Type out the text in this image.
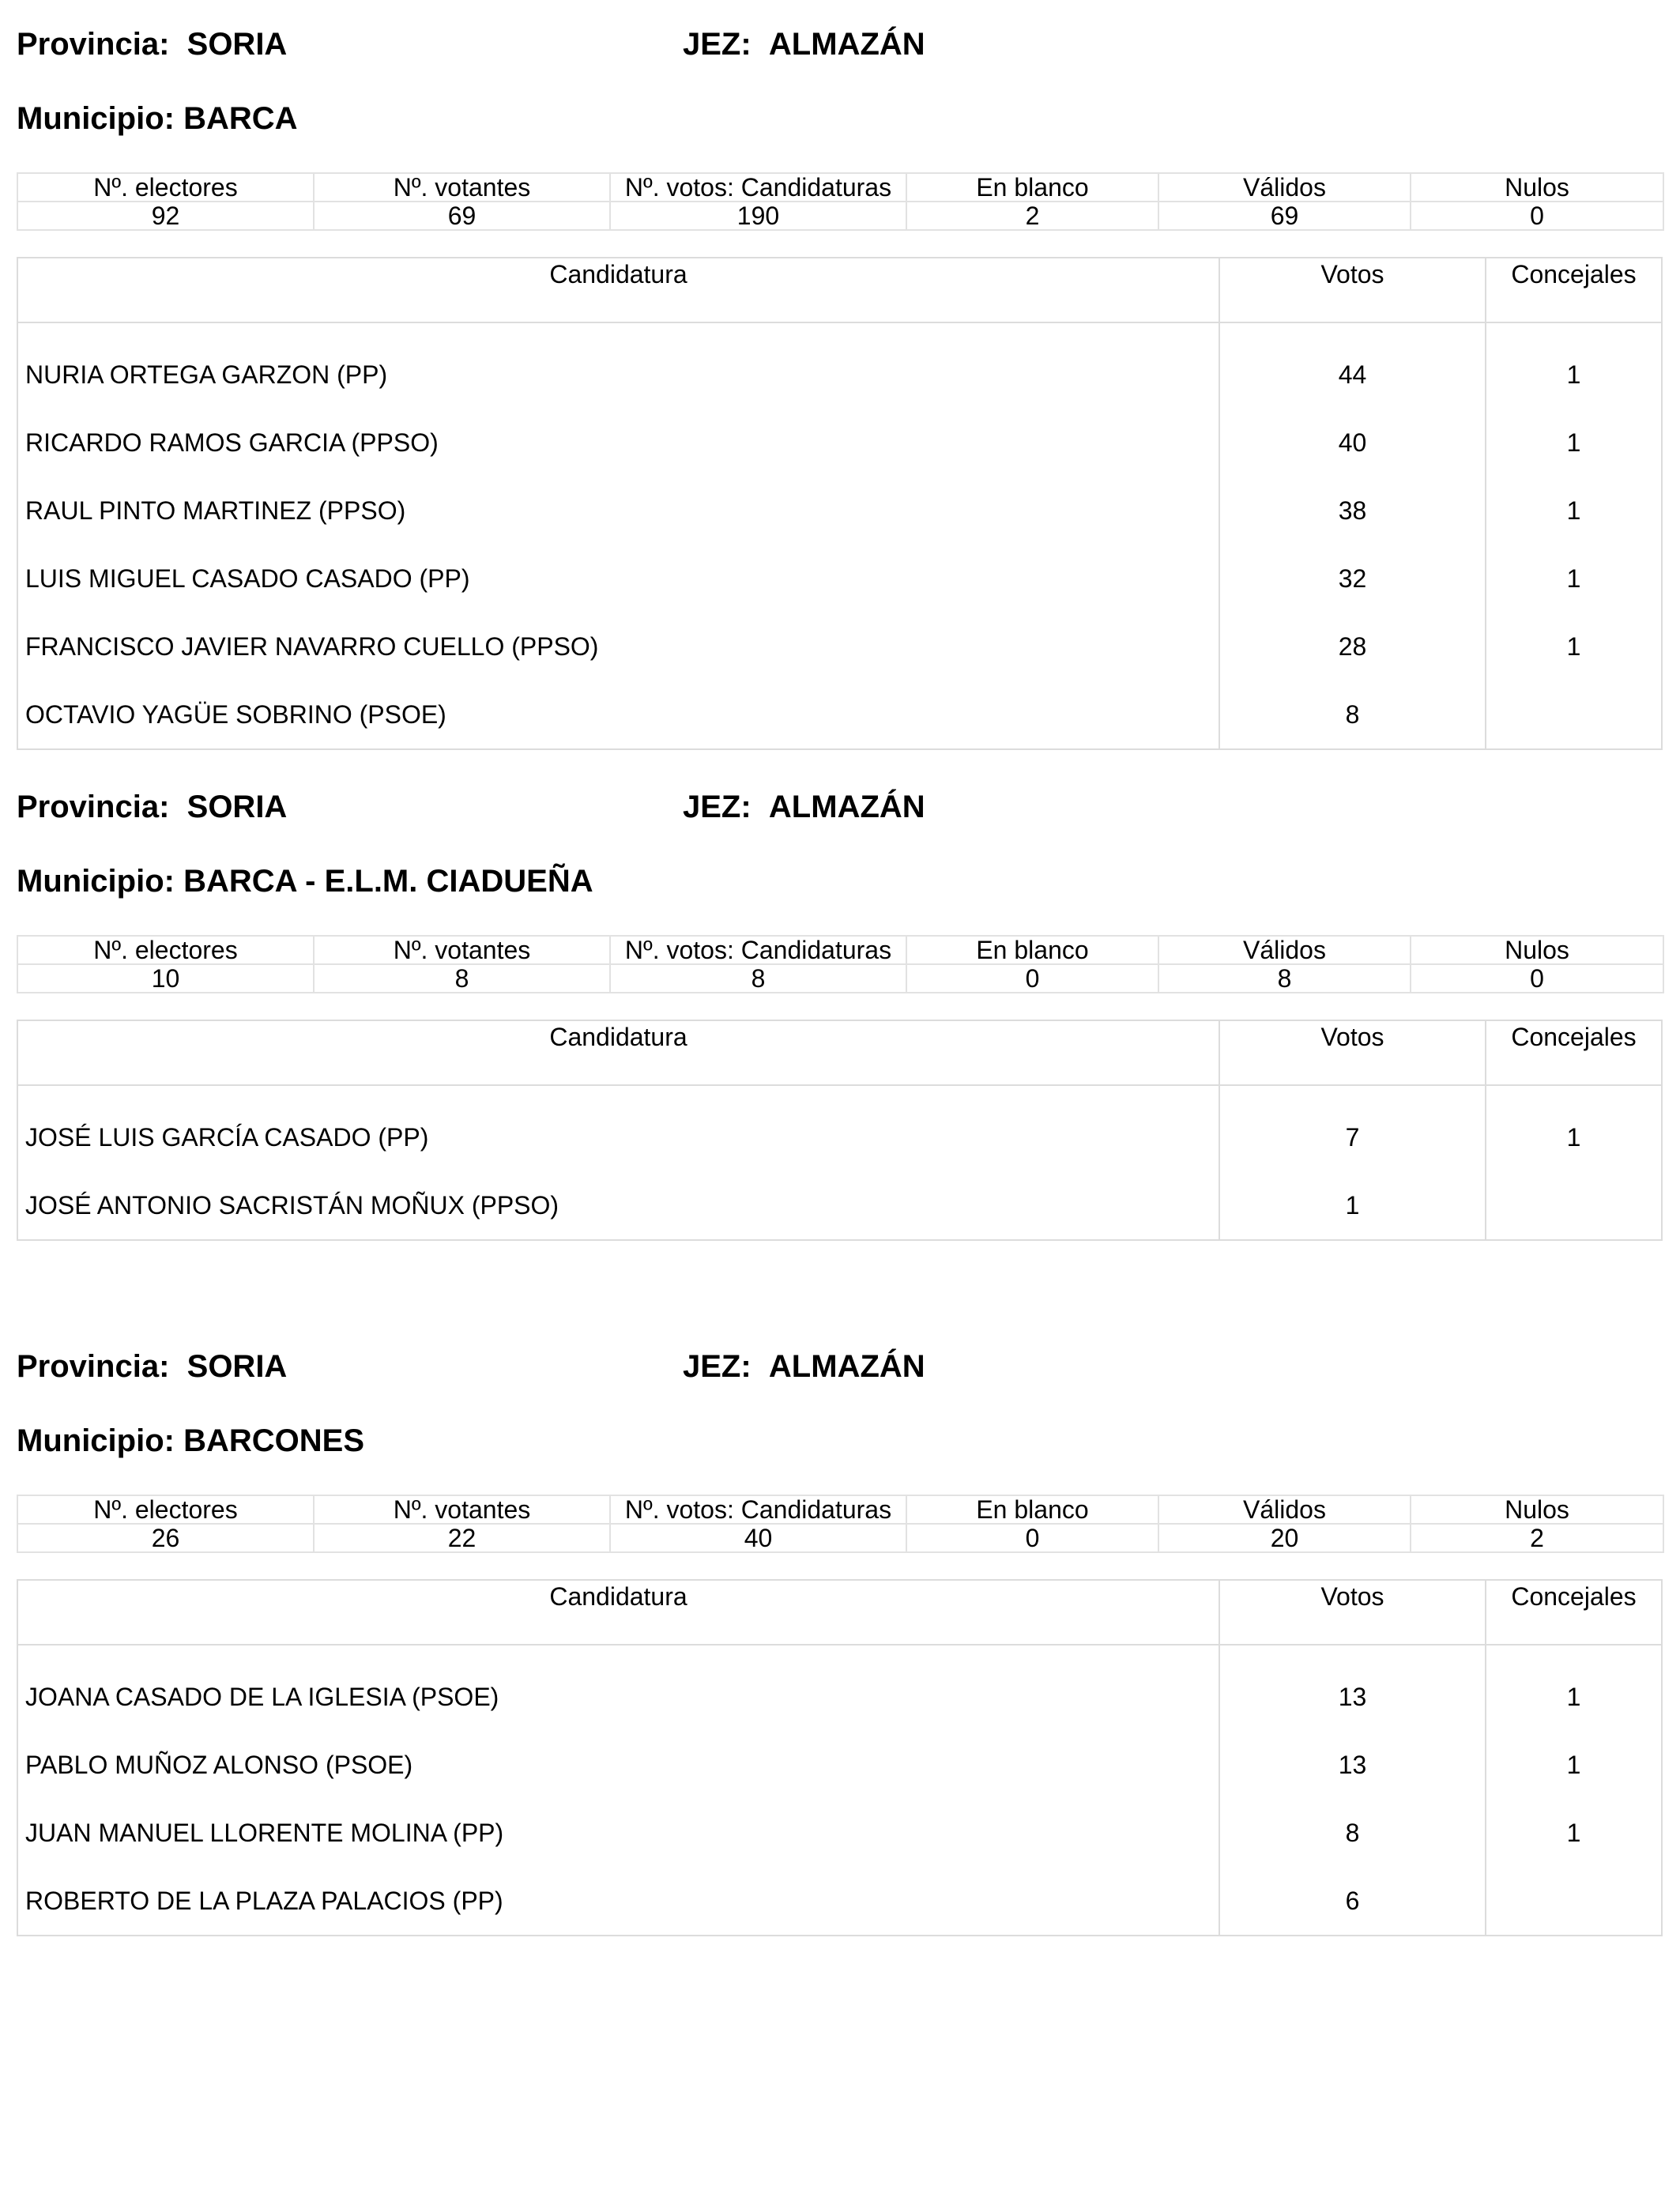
Provincia: SORIA	JEZ: ALMAZÁN
Municipio: BARCA
Nº. electores	Nº. votantes	Nº. votos: Candidaturas	En blanco	Válidos	Nulos
92	69	190	2	69	0
Candidatura	Votos	Concejales
NURIA ORTEGA GARZON (PP)	44	1
RICARDO RAMOS GARCIA (PPSO)	40	1
RAUL PINTO MARTINEZ (PPSO)	38	1
LUIS MIGUEL CASADO CASADO (PP)	32	1
FRANCISCO JAVIER NAVARRO CUELLO (PPSO)	28	1
OCTAVIO YAGÜE SOBRINO (PSOE)	8
Provincia: SORIA	JEZ: ALMAZÁN
Municipio: BARCA - E.L.M. CIADUEÑA
Nº. electores	Nº. votantes	Nº. votos: Candidaturas	En blanco	Válidos	Nulos
10	8	8	0	8	0
Candidatura	Votos	Concejales
JOSÉ LUIS GARCÍA CASADO (PP)	7	1
JOSÉ ANTONIO SACRISTÁN MOÑUX (PPSO)	1
Provincia: SORIA	JEZ: ALMAZÁN
Municipio: BARCONES
Nº. electores	Nº. votantes	Nº. votos: Candidaturas	En blanco	Válidos	Nulos
26	22	40	0	20	2
Candidatura	Votos	Concejales
JOANA CASADO DE LA IGLESIA (PSOE)	13	1
PABLO MUÑOZ ALONSO (PSOE)	13	1
JUAN MANUEL LLORENTE MOLINA (PP)	8	1
ROBERTO DE LA PLAZA PALACIOS (PP)	6
